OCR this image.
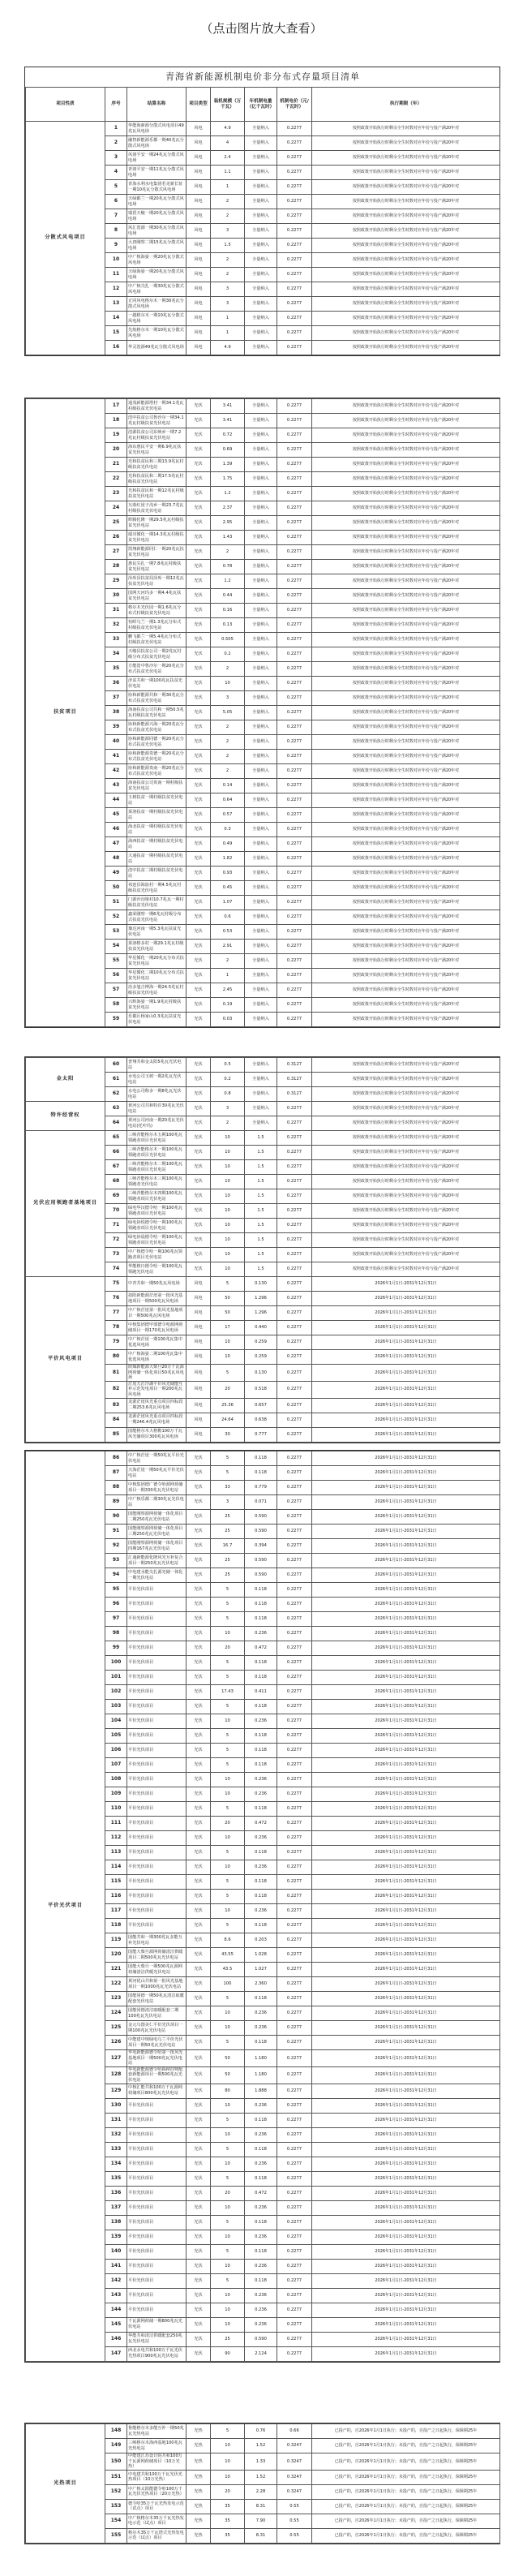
（点击图片放大查看）
青海省新能源机制电价非分布式存量项目清单							
项目性质	序号	结算名称	项目类型	装机规模（万千瓦）	年机制电量（亿千瓦时）	机制电价（元/千瓦时）	执行期限（年）
分散式风电项目	1	华能海新源分散式风电项目49兆瓦风电场	风电	4.9	全量纳入	0.2277	按照政策开始执行时剩余全生时数对应年份与投产满20年对
	2	融智新能源乐都一期40兆瓦分散式风电场	风电	4	全量纳入	0.2277	按照政策开始执行时剩余全生时数对应年份与投产满20年对
	3	风润平安一期24兆瓦分散式风电场	风电	2.4	全量纳入	0.2277	按照政策开始执行时剩余全生时数对应年份与投产满20年对
	4	青润平安一期11兆瓦分散式风电场	风电	1.1	全量纳入	0.2277	按照政策开始执行时剩余全生时数对应年份与投产满20年对
	5	青海水利水电集团若羌新长征一期10兆瓦分散式风电场	风电	1	全量纳入	0.2277	按照政策开始执行时剩余全生时数对应年份与投产满20年对
	6	天绿都兰一期20兆瓦分散式风电场	风电	2	全量纳入	0.2277	按照政策开始执行时剩余全生时数对应年份与投产满20年对
	7	瑞贸天峻一期20兆瓦分散式风电场	风电	2	全量纳入	0.2277	按照政策开始执行时剩余全生时数对应年份与投产满20年对
	8	风汇湟源一期30兆瓦分散式风电场	风电	3	全量纳入	0.2277	按照政策开始执行时剩余全生时数对应年份与投产满20年对
	9	大唐刚察二期15兆瓦分散式风电场	风电	1.5	全量纳入	0.2277	按照政策开始执行时剩余全生时数对应年份与投产满20年对
	10	中广核海晏一期20兆瓦分散式风电场	风电	2	全量纳入	0.2277	按照政策开始执行时剩余全生时数对应年份与投产满20年对
	11	天绿海晏一期20兆瓦分散式风电场	风电	2	全量纳入	0.2277	按照政策开始执行时剩余全生时数对应年份与投产满20年对
	12	中广核尖扎一期30兆瓦分散式风电场	风电	3	全量纳入	0.2277	按照政策开始执行时剩余全生时数对应年份与投产满20年对
	13	正同风电格尔木一期30兆瓦分散式风电场	风电	3	全量纳入	0.2277	按照政策开始执行时剩余全生时数对应年份与投产满20年对
	14	一越格尔木一期10兆瓦分散式风电场	风电	1	全量纳入	0.2277	按照政策开始执行时剩余全生时数对应年份与投产满20年对
	15	先航格尔木一期10兆瓦分散式风电场	风电	1	全量纳入	0.2277	按照政策开始执行时剩余全生时数对应年份与投产满20年对
	16	华灵湟源49兆瓦分散式风电场	风电	4.9	全量纳入	0.2277	按照政策开始执行时剩余全生时数对应年份与投产满20年对
扶贫项目	17	通茂新能源塔村一期34.1兆瓦村级扶贫光伏电站	光伏	3.41	全量纳入	0.2277	按照政策开始执行时剩余全生时数对应年份与投产满20年对
	18	湟中扶贫公司鲁沙尔一期34.1兆瓦村级扶贫光伏电站	光伏	3.41	全量纳入	0.2277	按照政策开始执行时剩余全生时数对应年份与投产满20年对
	19	湟源扶贫公司东峡乡一期7.2兆瓦村级扶贫光伏电站	光伏	0.72	全量纳入	0.2277	按照政策开始执行时剩余全生时数对应年份与投产满20年对
	20	海东惠民平安一期6.9兆瓦扶贫光伏电站	光伏	0.69	全量纳入	0.2277	按照政策开始执行时剩余全生时数对应年份与投产满20年对
	21	光和扶贫民和三期13.9兆瓦村级扶贫光伏电站	光伏	1.39	全量纳入	0.2277	按照政策开始执行时剩余全生时数对应年份与投产满20年对
	22	光和扶贫民和二期17.5兆瓦村级扶贫光伏电站	光伏	1.75	全量纳入	0.2277	按照政策开始执行时剩余全生时数对应年份与投产满20年对
	23	光和扶贫民和一期12兆瓦村级扶贫光伏电站	光伏	1.2	全量纳入	0.2277	按照政策开始执行时剩余全生时数对应年份与投产满20年对
	24	互助红崖子沟乡一期23.7兆瓦村级扶贫光伏电站	光伏	2.37	全量纳入	0.2277	按照政策开始执行时剩余全生时数对应年份与投产满20年对
	25	辉腾化隆一期29.5兆瓦村级扶贫光伏电站	光伏	2.95	全量纳入	0.2277	按照政策开始执行时剩余全生时数对应年份与投产满20年对
	26	瑷功循化一期14.3兆瓦村级扶贫光伏电站	光伏	1.43	全量纳入	0.2277	按照政策开始执行时剩余全生时数对应年份与投产满20年对
	27	凯翔新能源同仁一期20兆瓦扶贫光伏电站	光伏	2	全量纳入	0.2277	按照政策开始执行时剩余全生时数对应年份与投产满20年对
	28	惠民尖扎一期7.8兆瓦村级扶贫光伏电站	光伏	0.78	全量纳入	0.2277	按照政策开始执行时剩余全生时数对应年份与投产满20年对
	29	泽库县扶贫局泽库一期12兆瓦扶贫光伏电站	光伏	1.2	全量纳入	0.2277	按照政策开始执行时剩余全生时数对应年份与投产满20年对
	30	国网天河玛多一期4.4兆瓦扶贫光伏电站	光伏	0.44	全量纳入	0.2277	按照政策开始执行时剩余全生时数对应年份与投产满20年对
	31	格尔木光伏园一期1.6兆瓦分布式村级扶贫光伏电站	光伏	0.16	全量纳入	0.2277	按照政策开始执行时剩余全生时数对应年份与投产满20年对
	32	恒晖乌兰一期1.3兆瓦分布式村级扶贫光伏电站	光伏	0.13	全量纳入	0.2277	按照政策开始执行时剩余全生时数对应年份与投产满20年对
	33	鹏飞都兰一期5.4兆瓦分布式村级扶贫光伏电站	光伏	0.505	全量纳入	0.2277	按照政策开始执行时剩余全生时数对应年份与投产满20年对
	34	天峻县扶贫公司一期2兆瓦村级分布式扶贫光伏电站	光伏	0.2	全量纳入	0.2277	按照政策开始执行时剩余全生时数对应年份与投产满20年对
	35	方能湟中鲁沙尔一期20兆瓦分布式扶贫光伏电站	光伏	2	全量纳入	0.2277	按照政策开始执行时剩余全生时数对应年份与投产满20年对
	36	济贫共和一期100兆瓦扶贫光伏电站	光伏	10	全量纳入	0.2277	按照政策开始执行时剩余全生时数对应年份与投产满20年对
	37	协和新能源共和一期30兆瓦分布式扶贫光伏电站	光伏	3	全量纳入	0.2277	按照政策开始执行时剩余全生时数对应年份与投产满20年对
	38	海南扶贫公司共和一期50.5兆瓦村级扶贫光伏电站	光伏	5.05	全量纳入	0.2277	按照政策开始执行时剩余全生时数对应年份与投产满20年对
	39	协和新能源兴海一期20兆瓦分布式扶贫光伏电站	光伏	2	全量纳入	0.2277	按照政策开始执行时剩余全生时数对应年份与投产满20年对
	40	协和新能源同德一期20兆瓦分布式扶贫光伏电站	光伏	2	全量纳入	0.2277	按照政策开始执行时剩余全生时数对应年份与投产满20年对
	41	协和新能源贵德一期20兆瓦分布式扶贫光伏电站	光伏	2	全量纳入	0.2277	按照政策开始执行时剩余全生时数对应年份与投产满20年对
	42	协和新能源贵南一期20兆瓦分布式扶贫光伏电站	光伏	2	全量纳入	0.2277	按照政策开始执行时剩余全生时数对应年份与投产满20年对
	43	海南扶贫公司贵南一期村级扶贫光伏电站	光伏	0.14	全量纳入	0.2277	按照政策开始执行时剩余全生时数对应年份与投产满20年对
	44	玉树扶贫一期村级扶贫光伏电站	光伏	0.64	全量纳入	0.2277	按照政策开始执行时剩余全生时数对应年份与投产满20年对
	45	果洛扶贫一期村级扶贫光伏电站	光伏	0.57	全量纳入	0.2277	按照政策开始执行时剩余全生时数对应年份与投产满20年对
	46	海北扶贫一期村级扶贫光伏电站	光伏	0.3	全量纳入	0.2277	按照政策开始执行时剩余全生时数对应年份与投产满20年对
	47	海西扶贫一期村级扶贫光伏电站	光伏	0.49	全量纳入	0.2277	按照政策开始执行时剩余全生时数对应年份与投产满20年对
	48	大通扶贫一期村级扶贫光伏电站	光伏	1.82	全量纳入	0.2277	按照政策开始执行时剩余全生时数对应年份与投产满20年对
	49	湟中扶贫二期村级扶贫光伏电站	光伏	0.93	全量纳入	0.2277	按照政策开始执行时剩余全生时数对应年份与投产满20年对
	50	祁连县海浪村一期4.5兆瓦村级扶贫光伏电站	光伏	0.45	全量纳入	0.2277	按照政策开始执行时剩余全生时数对应年份与投产满20年对
	51	门源沙沟梁村10.7兆瓦一期村级扶贫光伏电站	光伏	1.07	全量纳入	0.2277	按照政策开始执行时剩余全生时数对应年份与投产满20年对
	52	鑫荣刚察一期6兆瓦村级分布式扶贫光伏电站	光伏	0.6	全量纳入	0.2277	按照政策开始执行时剩余全生时数对应年份与投产满20年对
	53	豫达河南一期5.3兆瓦扶贫光伏电站	光伏	0.53	全量纳入	0.2277	按照政策开始执行时剩余全生时数对应年份与投产满20年对
	54	果洛格多村一期29.1兆瓦村级扶贫光伏电站	光伏	2.91	全量纳入	0.2277	按照政策开始执行时剩余全生时数对应年份与投产满20年对
	55	华星循化一期20兆瓦分布式扶贫光伏电站	光伏	2	全量纳入	0.2277	按照政策开始执行时剩余全生时数对应年份与投产满20年对
	56	华星循化二期10兆瓦分布式扶贫光伏电站	光伏	1	全量纳入	0.2277	按照政策开始执行时剩余全生时数对应年份与投产满20年对
	57	治多旭吉博海一期24.5兆瓦村级扶贫光伏电站	光伏	2.45	全量纳入	0.2277	按照政策开始执行时剩余全生时数对应年份与投产满20年对
	58	兴辉海晏一期1.9兆瓦村级扶贫光伏电站	光伏	0.19	全量纳入	0.2277	按照政策开始执行时剩余全生时数对应年份与投产满20年对
	59	乐都区杨家山0.3兆瓦扶贫光伏电站	光伏	0.03	全量纳入	0.2277	按照政策开始执行时剩余全生时数对应年份与投产满20年对
金太阳	60	普翔共和金太阳5兆瓦光伏电站	光伏	0.5	全量纳入	0.3127	按照政策开始执行时剩余全生时数对应年份与投产满20年对
	61	水电公司玉树一期2兆瓦光伏电站	光伏	0.2	全量纳入	0.3127	按照政策开始执行时剩余全生时数对应年份与投产满20年对
	62	水电公司称多一期8兆瓦光伏电站	光伏	0.8	全量纳入	0.3127	按照政策开始执行时剩余全生时数对应年份与投产满20年对
特许经营权	63	黄河公司共和特许30兆瓦光伏电站	光伏	3	全量纳入	0.2277	按照政策开始执行时剩余全生时数对应年份与投产满20年对
	64	黄河公司河南一期20兆瓦光伏电站(托叶玛)	光伏	2	全量纳入	0.2277	按照政策开始执行时剩余全生时数对应年份与投产满20年对
光伏应用领跑者基地项目	65	三峡青能格尔木五期100兆瓦领跑者项目光伏电站	光伏	10	1.5	0.2277	按照政策开始执行时剩余全生时数对应年份与投产满20年对
	66	三峡青能格尔木一期100兆瓦领跑者项目光伏电站	光伏	10	1.5	0.2277	按照政策开始执行时剩余全生时数对应年份与投产满20年对
	67	三峡青能格尔木二期100兆瓦领跑者项目光伏电站	光伏	10	1.5	0.2277	按照政策开始执行时剩余全生时数对应年份与投产满20年对
	68	三峡青能格尔木三期100兆瓦领跑者光伏电站	光伏	10	1.5	0.2277	按照政策开始执行时剩余全生时数对应年份与投产满20年对
	69	三峡青能格尔木四期100兆瓦领跑者项目光伏电站	光伏	10	1.5	0.2277	按照政策开始执行时剩余全生时数对应年份与投产满20年对
	70	绿电华汉德令哈一期100兆瓦领跑者项目光伏电站	光伏	10	1.5	0.2277	按照政策开始执行时剩余全生时数对应年份与投产满20年对
	71	绿电协悦德令哈一期100兆瓦领跑者项目光伏电站	光伏	10	1.5	0.2277	按照政策开始执行时剩余全生时数对应年份与投产满20年对
	72	绿电协晨德令哈一期100兆瓦领跑者项目光伏电站	光伏	10	1.5	0.2277	按照政策开始执行时剩余全生时数对应年份与投产满20年对
	73	中广核德令哈一期100兆瓦领跑者项目光伏电站	光伏	10	1.5	0.2277	按照政策开始执行时剩余全生时数对应年份与投产满20年对
	74	华能格日德令哈一期100兆瓦领跑光伏电站	光伏	10	1.5	0.2277	按照政策开始执行时剩余全生时数对应年份与投产满20年对
平价风电项目	75	中青共和一期50兆瓦风电场	风电	5	0.130	0.2277	2026年1月1日-2031年12月31日
	76	拟阳新能源茫崖第一批风光基地项目一期500兆瓦风电场	风电	50	1.296	0.2277	2026年1月1日-2031年12月31日
	77	中广核茫崖第一批风光基地项目一期500兆瓦风电场	风电	50	1.296	0.2277	2026年1月1日-2031年12月31日
	78	中核集团德甲部德令哈源网荷储项目一期170兆瓦风电场	风电	17	0.440	0.2277	2026年1月1日-2031年12月31日
	79	中广核茫崖一期100兆瓦集中优选风电场	风电	10	0.259	0.2277	2026年1月1日-2031年12月31日
	80	中广核海晏二期100兆瓦集中优选风电场	风电	10	0.259	0.2277	2026年1月1日-2031年12月31日
	81	陕煤新能源大柴旦20万千瓦源网荷储一体化项目50兆瓦风电场	风电	5	0.130	0.2277	2026年1月1日-2031年12月31日
	82	茫崖天茫冷湖平价风光储能互补示范发电项目一期200兆瓦风电场	风电	20	0.518	0.2277	2026年1月1日-2031年12月31日
	83	龙源茫崖风光重点项目四标段二期253.6兆瓦风电场	风电	25.36	0.657	0.2277	2026年1月1日-2031年12月31日
	84	龙源茫崖风光重点项目四标段一期246.4兆瓦风电场	风电	24.64	0.638	0.2277	2026年1月1日-2031年12月31日
	85	国能格尔木大格勒100万千瓦风光储项目300兆瓦风电场	风电	30	0.777	0.2277	2026年1月1日-2031年12月31日
平价光伏项目	86	中广核茫崖一期50兆瓦平价光伏电站	光伏	5	0.118	0.2277	2026年1月1日-2031年12月31日
	87	天海茫崖一期50兆瓦平价光伏电站	光伏	5	0.118	0.2277	2026年1月1日-2031年12月31日
	88	中核集团德广德令哈源网荷储项目一期330兆瓦光伏电站	光伏	33	0.779	0.2277	2026年1月1日-2031年12月31日
	89	中广核乐都二期30兆瓦光伏电站	光伏	3	0.071	0.2277	2026年1月1日-2031年12月31日
	90	国能刚察源网荷储一体化项目二期250兆瓦光伏电站	光伏	25	0.590	0.2277	2026年1月1日-2031年12月31日
	91	国能刚察源网荷储一体化项目三期250兆瓦光伏电站	光伏	25	0.590	0.2277	2026年1月1日-2031年12月31日
	92	国能刚察源网荷储一体化项目四期167兆瓦光伏电站	光伏	16.7	0.394	0.2277	2026年1月1日-2031年12月31日
	93	汇通新能源化隆风光互补复合项目一期250兆瓦光伏电站	光伏	25	0.590	0.2277	2026年1月1日-2031年12月31日
	94	中电建水能尖扎源光储一体化一期光伏电站	光伏	25	0.590	0.2277	2026年1月1日-2031年12月31日
	95	平价光伏项目	光伏	5	0.118	0.2277	2026年1月1日-2031年12月31日
	96	平价光伏项目	光伏	5	0.118	0.2277	2026年1月1日-2031年12月31日
	97	平价光伏项目	光伏	5	0.118	0.2277	2026年1月1日-2031年12月31日
	98	平价光伏项目	光伏	10	0.236	0.2277	2026年1月1日-2031年12月31日
	99	平价光伏项目	光伏	20	0.472	0.2277	2026年1月1日-2031年12月31日
	100	平价光伏项目	光伏	5	0.118	0.2277	2026年1月1日-2031年12月31日
	101	平价光伏项目	光伏	5	0.118	0.2277	2026年1月1日-2031年12月31日
	102	平价光伏项目	光伏	17.43	0.411	0.2277	2026年1月1日-2031年12月31日
	103	平价光伏项目	光伏	5	0.118	0.2277	2026年1月1日-2031年12月31日
	104	平价光伏项目	光伏	10	0.236	0.2277	2026年1月1日-2031年12月31日
	105	平价光伏项目	光伏	5	0.118	0.2277	2026年1月1日-2031年12月31日
	106	平价光伏项目	光伏	5	0.118	0.2277	2026年1月1日-2031年12月31日
	107	平价光伏项目	光伏	5	0.118	0.2277	2026年1月1日-2031年12月31日
	108	平价光伏项目	光伏	10	0.236	0.2277	2026年1月1日-2031年12月31日
	109	平价光伏项目	光伏	10	0.236	0.2277	2026年1月1日-2031年12月31日
	110	平价光伏项目	光伏	5	0.118	0.2277	2026年1月1日-2031年12月31日
	111	平价光伏项目	光伏	20	0.472	0.2277	2026年1月1日-2031年12月31日
	112	平价光伏项目	光伏	10	0.236	0.2277	2026年1月1日-2031年12月31日
	113	平价光伏项目	光伏	5	0.118	0.2277	2026年1月1日-2031年12月31日
	114	平价光伏项目	光伏	10	0.236	0.2277	2026年1月1日-2031年12月31日
	115	平价光伏项目	光伏	5	0.118	0.2277	2026年1月1日-2031年12月31日
	116	平价光伏项目	光伏	5	0.118	0.2277	2026年1月1日-2031年12月31日
	117	平价光伏项目	光伏	10	0.236	0.2277	2026年1月1日-2031年12月31日
	118	平价光伏项目	光伏	5	0.118	0.2277	2026年1月1日-2031年12月31日
	119	国能共和一期300兆瓦多能互补光伏电站	光伏	8.6	0.203	0.2277	2026年1月1日-2031年12月31日
	120	国能大柴旦源网荷储清洁供暖项目二期500兆瓦光伏电站	光伏	43.55	1.028	0.2277	2026年1月1日-2031年12月31日
	121	国能大柴旦一期500兆瓦源网荷储清洁供暖光伏电站	光伏	43.5	1.027	0.2277	2026年1月1日-2031年12月31日
	122	黄河优山共和第一批风光基地项目一期1000兆瓦光伏电站	光伏	100	2.360	0.2277	2026年1月1日-2031年12月31日
	123	国能同德一期50兆瓦清洁取暖配套光伏电站	光伏	5	0.118	0.2277	2026年1月1日-2031年12月31日
	124	国能同德清洁取暖配套二期100兆瓦光伏电站	光伏	10	0.236	0.2277	2026年1月1日-2031年12月31日
	125	金元乌图美仁平价光伏项目一期100兆瓦光伏电站	光伏	10	0.236	0.2277	2026年1月1日-2031年12月31日
	126	中能建中规绿电乌兰平价光伏项目一期50兆瓦光伏电站	光伏	5	0.118	0.2277	2026年1月1日-2031年12月31日
	127	华电新能源德令哈第一批风光基地项目一期500兆瓦光伏电站	光伏	50	1.180	0.2277	2026年1月1日-2031年12月31日
	128	华电新能源德令哈揭榜挂帅配套新能源项目一期500兆瓦光伏电站	光伏	50	1.180	0.2277	2026年1月1日-2031年12月31日
	129	中核汇能共和100万千瓦源网荷储项目800兆瓦光伏电站	光伏	80	1.888	0.2277	2026年1月1日-2031年12月31日
	130	平价光伏项目	光伏	10	0.236	0.2277	2026年1月1日-2031年12月31日
	131	平价光伏项目	光伏	5	0.118	0.2277	2026年1月1日-2031年12月31日
	132	平价光伏项目	光伏	10	0.236	0.2277	2026年1月1日-2031年12月31日
	133	平价光伏项目	光伏	5	0.118	0.2277	2026年1月1日-2031年12月31日
	134	平价光伏项目	光伏	10	0.236	0.2277	2026年1月1日-2031年12月31日
	135	平价光伏项目	光伏	5	0.118	0.2277	2026年1月1日-2031年12月31日
	136	平价光伏项目	光伏	20	0.472	0.2277	2026年1月1日-2031年12月31日
	137	平价光伏项目	光伏	10	0.236	0.2277	2026年1月1日-2031年12月31日
	138	平价光伏项目	光伏	5	0.118	0.2277	2026年1月1日-2031年12月31日
	139	平价光伏项目	光伏	10	0.236	0.2277	2026年1月1日-2031年12月31日
	140	平价光伏项目	光伏	5	0.118	0.2277	2026年1月1日-2031年12月31日
	141	平价光伏项目	光伏	10	0.236	0.2277	2026年1月1日-2031年12月31日
	142	平价光伏项目	光伏	5	0.118	0.2277	2026年1月1日-2031年12月31日
	143	平价光伏项目	光伏	10	0.236	0.2277	2026年1月1日-2031年12月31日
	144	平价光伏项目	光伏	10	0.236	0.2277	2026年1月1日-2031年12月31日
	145	千瓦源网荷储一期800兆瓦光伏电站	光伏	10	0.236	0.2277	2026年1月1日-2031年12月31日
	146	华能共和清洁供暖配套250兆瓦光伏电站	光伏	25	0.590	0.2277	2026年1月1日-2031年12月31日
	147	西北水电共和100万千瓦光伏光热项目900兆瓦光伏电站	光伏	90	2.124	0.2277	2026年1月1日-2031年12月31日
光热项目	148	鲁能格尔木多能互补一期50兆瓦光热电站	光热	5	0.76	0.66	已投产的，自2026年1月1日执行；未投产的，自投产之日起执行，保障期25年
	149	三峡格尔木海西基地100兆瓦光热电站	光热	10	1.52	0.3247	已投产的，自2026年1月1日执行；未投产的，自投产之日起执行，保障期25年
	150	中能建江苏设计院共和100万千瓦源网荷储项目（10万光热）	光热	10	1.33	0.3247	已投产的，自2026年1月1日执行；未投产的，自投产之日起执行，保障期25年
	151	中电建共和100万千瓦光伏光热项目（10万光热）	光热	10	1.52	0.3247	已投产的，自2026年1月1日执行；未投产的，自投产之日起执行，保障期25年
	152	中广核太阳能德令哈100万千瓦光伏光热项目（20万光热）	光热	20	2.28	0.3247	已投产的，自2026年1月1日执行；未投产的，自投产之日起执行，保障期25年
	153	德令哈35万千瓦光热发电示范（试点）项目	光热	35	8.31	0.55	已投产的，自2026年1月1日执行；未投产的，自投产之日起执行，保障期25年
	154	中广核格尔木35万千瓦光热发电示范（试点）项目	光热	35	7.90	0.55	已投产的，自2026年1月1日执行；未投产的，自投产之日起执行，保障期25年
	155	格尔木35万千瓦塔式光热发电示范（试点）项目	光热	35	8.31	0.55	已投产的，自2026年1月1日执行；未投产的，自投产之日起执行，保障期25年
